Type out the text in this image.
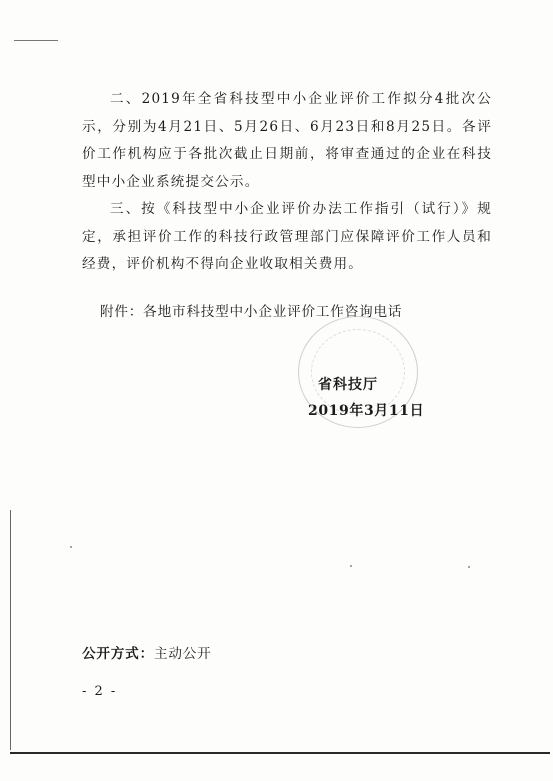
二、2019年全省科技型中小企业评价工作拟分4批次公示，分别为4月21日、5月26日、6月23日和8月25日。各评价工作机构应于各批次截止日期前，将审查通过的企业在科技型中小企业系统提交公示。

三、按《科技型中小企业评价办法工作指引（试行）》规定，承担评价工作的科技行政管理部门应保障评价工作人员和经费，评价机构不得向企业收取相关费用。

附件：各地市科技型中小企业评价工作咨询电话

省科技厅

2019年3月11日

公开方式：主动公开

- 2 -
